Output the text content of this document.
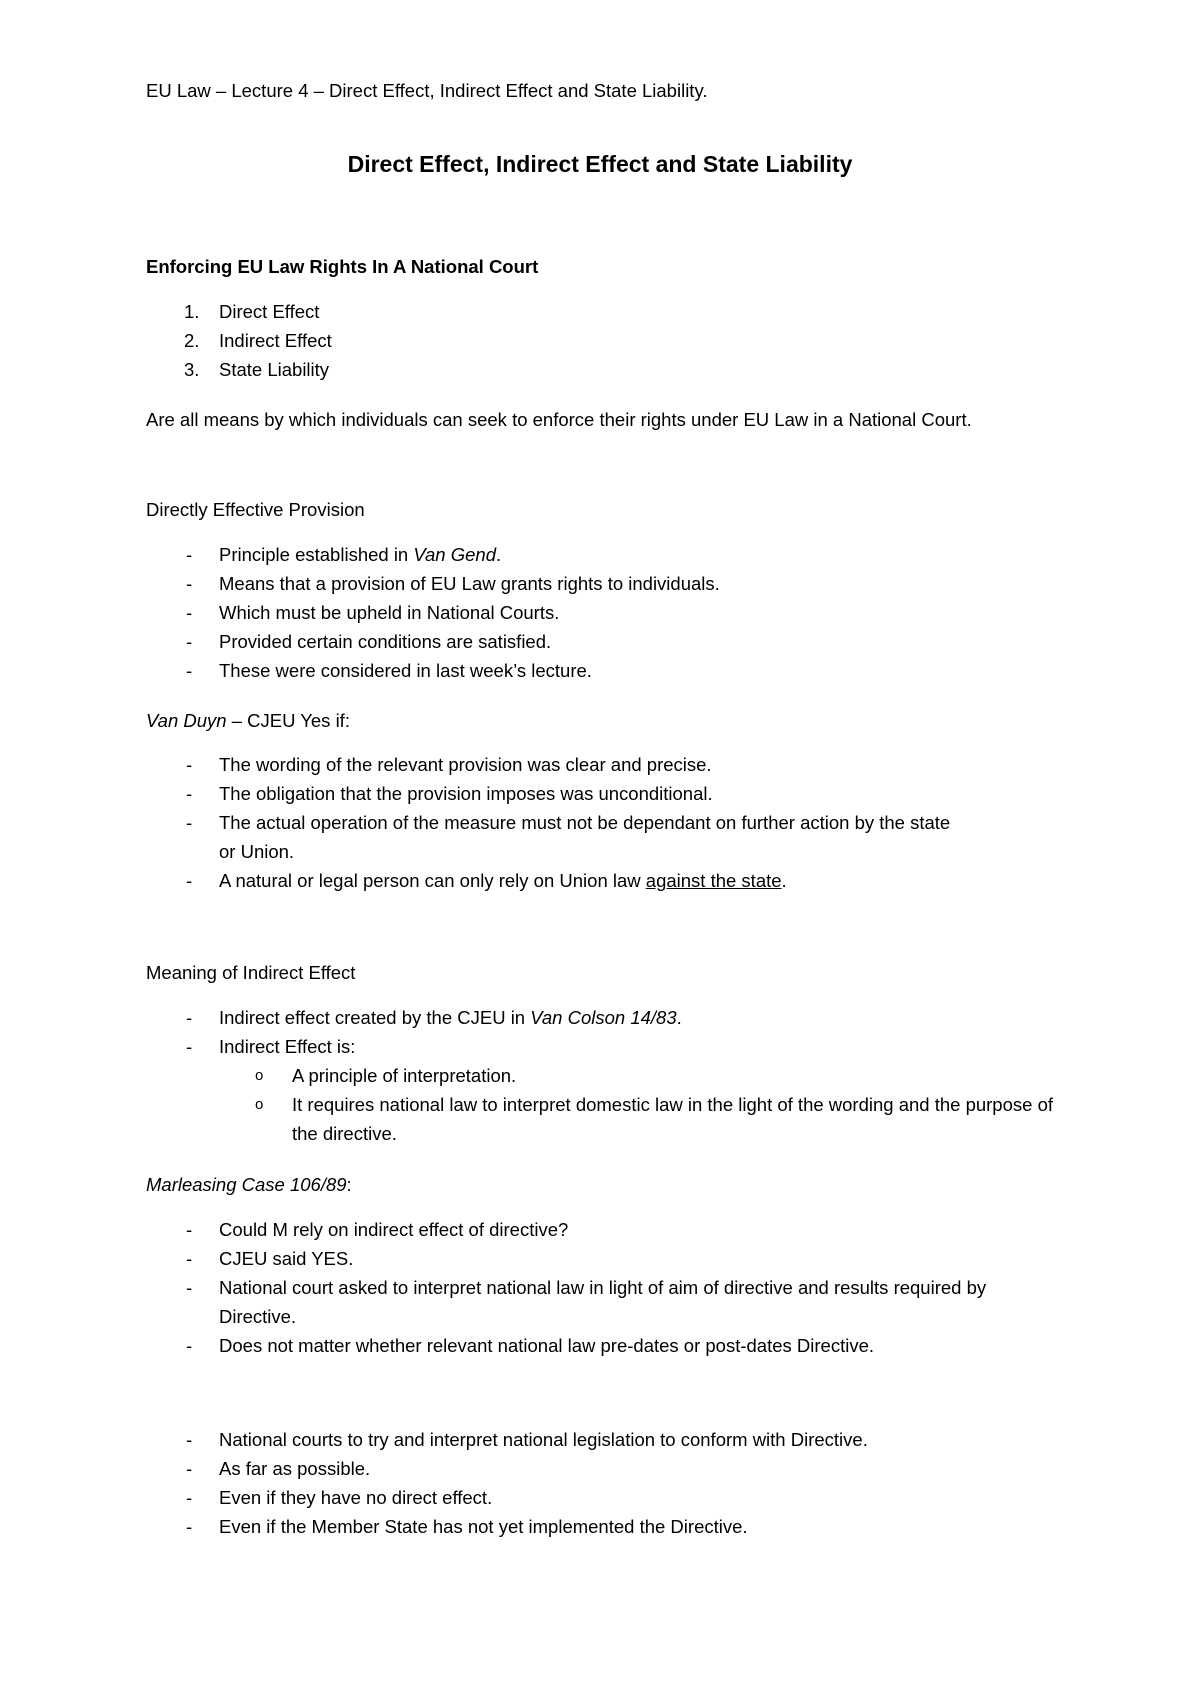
EU Law – Lecture 4 – Direct Effect, Indirect Effect and State Liability.
Direct Effect, Indirect Effect and State Liability
Enforcing EU Law Rights In A National Court
1. Direct Effect
2. Indirect Effect
3. State Liability
Are all means by which individuals can seek to enforce their rights under EU Law in a National Court.
Directly Effective Provision
- Principle established in Van Gend.
- Means that a provision of EU Law grants rights to individuals.
- Which must be upheld in National Courts.
- Provided certain conditions are satisfied.
- These were considered in last week’s lecture.
Van Duyn – CJEU Yes if:
- The wording of the relevant provision was clear and precise.
- The obligation that the provision imposes was unconditional.
- The actual operation of the measure must not be dependant on further action by the state or Union.
- A natural or legal person can only rely on Union law against the state.
Meaning of Indirect Effect
- Indirect effect created by the CJEU in Van Colson 14/83.
- Indirect Effect is:
o A principle of interpretation.
o It requires national law to interpret domestic law in the light of the wording and the purpose of the directive.
Marleasing Case 106/89:
- Could M rely on indirect effect of directive?
- CJEU said YES.
- National court asked to interpret national law in light of aim of directive and results required by Directive.
- Does not matter whether relevant national law pre-dates or post-dates Directive.
- National courts to try and interpret national legislation to conform with Directive.
- As far as possible.
- Even if they have no direct effect.
- Even if the Member State has not yet implemented the Directive.
